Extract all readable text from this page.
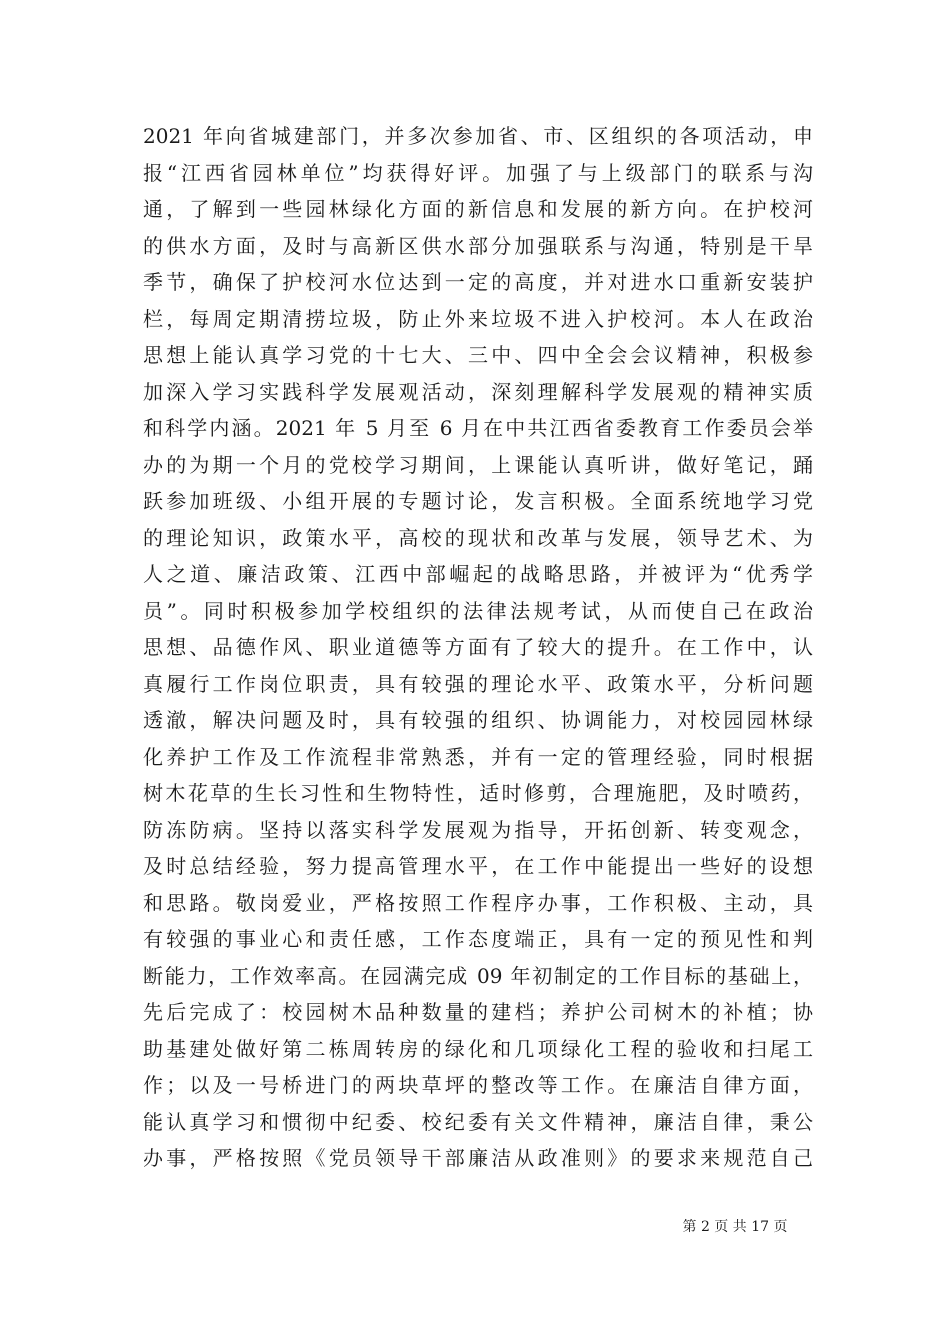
2021 年向省城建部门，并多次参加省、市、区组织的各项活动，申
报“江西省园林单位”均获得好评。加强了与上级部门的联系与沟
通，了解到一些园林绿化方面的新信息和发展的新方向。在护校河
的供水方面，及时与高新区供水部分加强联系与沟通，特别是干旱
季节，确保了护校河水位达到一定的高度，并对进水口重新安装护
栏，每周定期清捞垃圾，防止外来垃圾不进入护校河。本人在政治
思想上能认真学习党的十七大、三中、四中全会会议精神，积极参
加深入学习实践科学发展观活动，深刻理解科学发展观的精神实质
和科学内涵。2021 年 5 月至 6 月在中共江西省委教育工作委员会举
办的为期一个月的党校学习期间，上课能认真听讲，做好笔记，踊
跃参加班级、小组开展的专题讨论，发言积极。全面系统地学习党
的理论知识，政策水平，高校的现状和改革与发展，领导艺术、为
人之道、廉洁政策、江西中部崛起的战略思路，并被评为“优秀学
员”。同时积极参加学校组织的法律法规考试，从而使自己在政治
思想、品德作风、职业道德等方面有了较大的提升。在工作中，认
真履行工作岗位职责，具有较强的理论水平、政策水平，分析问题
透澈，解决问题及时，具有较强的组织、协调能力，对校园园林绿
化养护工作及工作流程非常熟悉，并有一定的管理经验，同时根据
树木花草的生长习性和生物特性，适时修剪，合理施肥，及时喷药，
防冻防病。坚持以落实科学发展观为指导，开拓创新、转变观念，
及时总结经验，努力提高管理水平，在工作中能提出一些好的设想
和思路。敬岗爱业，严格按照工作程序办事，工作积极、主动，具
有较强的事业心和责任感，工作态度端正，具有一定的预见性和判
断能力，工作效率高。在园满完成 09 年初制定的工作目标的基础上，
先后完成了：校园树木品种数量的建档；养护公司树木的补植；协
助基建处做好第二栋周转房的绿化和几项绿化工程的验收和扫尾工
作；以及一号桥进门的两块草坪的整改等工作。在廉洁自律方面，
能认真学习和惯彻中纪委、校纪委有关文件精神，廉洁自律，秉公
办事，严格按照《党员领导干部廉洁从政准则》的要求来规范自己
第 2 页 共 17 页
